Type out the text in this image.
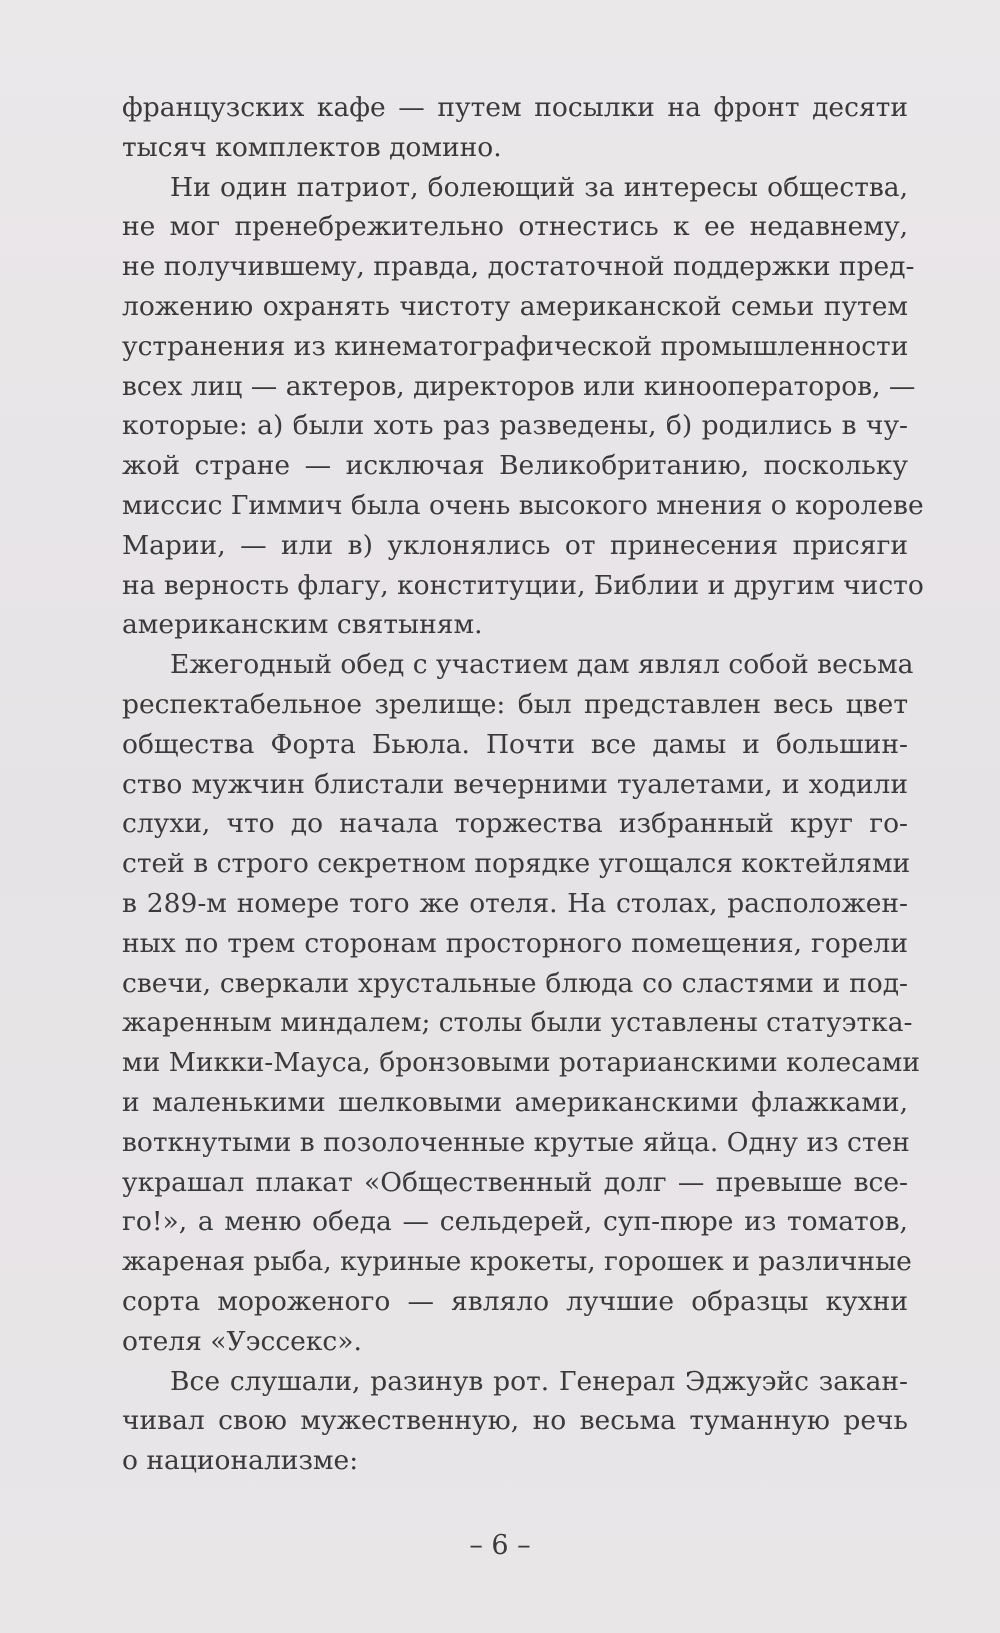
французских кафе — путем посылки на фронт десяти
тысяч комплектов домино.
Ни один патриот, болеющий за интересы общества,
не мог пренебрежительно отнестись к ее недавнему,
не получившему, правда, достаточной поддержки пред-
ложению охранять чистоту американской семьи путем
устранения из кинематографической промышленности
всех лиц — актеров, директоров или кинооператоров, —
которые: а) были хоть раз разведены, б) родились в чу-
жой стране — исключая Великобританию, поскольку
миссис Гиммич была очень высокого мнения о королеве
Марии, — или в) уклонялись от принесения присяги
на верность флагу, конституции, Библии и другим чисто
американским святыням.
Ежегодный обед с участием дам являл собой весьма
респектабельное зрелище: был представлен весь цвет
общества Форта Бьюла. Почти все дамы и большин-
ство мужчин блистали вечерними туалетами, и ходили
слухи, что до начала торжества избранный круг го-
стей в строго секретном порядке угощался коктейлями
в 289-м номере того же отеля. На столах, расположен-
ных по трем сторонам просторного помещения, горели
свечи, сверкали хрустальные блюда со сластями и под-
жаренным миндалем; столы были уставлены статуэтка-
ми Микки-Мауса, бронзовыми ротарианскими колесами
и маленькими шелковыми американскими флажками,
воткнутыми в позолоченные крутые яйца. Одну из стен
украшал плакат «Общественный долг — превыше все-
го!», а меню обеда — сельдерей, суп-пюре из томатов,
жареная рыба, куриные крокеты, горошек и различные
сорта мороженого — являло лучшие образцы кухни
отеля «Уэссекс».
Все слушали, разинув рот. Генерал Эджуэйс закан-
чивал свою мужественную, но весьма туманную речь
о национализме:
– 6 –
